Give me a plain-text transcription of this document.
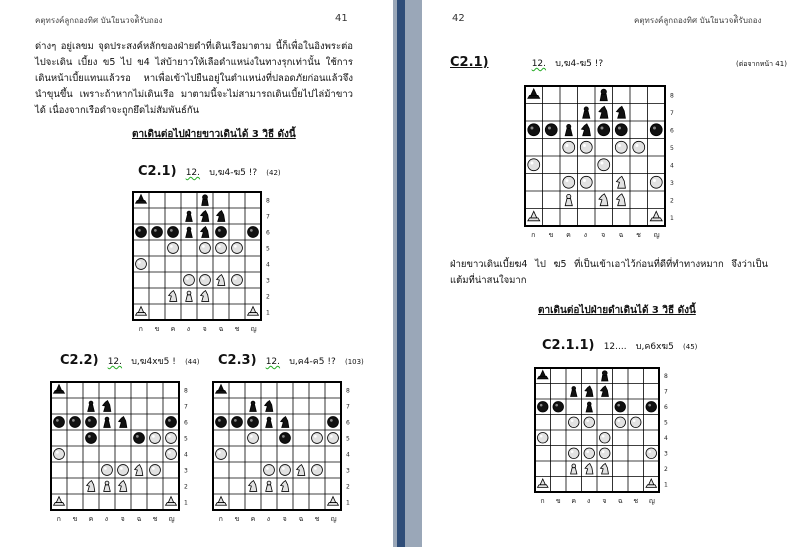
คตุทรงค์ลูกถองทิศ บันใยนวจต้ิรับถอง	41
ด่างๆ อยู่เลขม จุดประสงค์หลักของฝ่ายดำที่เดินเรือมาตาม นี้ก็เพื่อในอิงพระต่อไปจะเดิน เบี้ยง ข5 ไป ข4 ไส่บ้ายาวให้เลือดำแหน่งในทางรุกเท่านั้น ใช้การเดินหน้าเบี้ยแทนแล้วรอ หาเพื่อเข้าไปยืนอยู่ในตำแหน่งที่ปลอดภัยก่อนแล้วจึงนำขุนขึ้น เพราะถ้าหากไม่เดินเรือ มาตามนี้จะไม่สามารถเดินเบี้ยไปไล่ม้าขาวได้ เนื่องจากเรือดำจะถูกยึดไม่สัมพันธ์กัน
ตาเดินต่อไปฝ่ายขาวเดินได้ 3 วิธี ดังนี้
C2.1) 12. บ,ฆ4-ฆ5 !? (42)
8
7
6
5
4
3
2
1
ก ข ค ง จ ฉ ช ญ
C2.2) 12. บ,ฆ4xข5 ! (44) C2.3) 12. บ,ค4-ค5 !? (103)
8
7
6
5
4
3
2
1
ก ข ค ง จ ฉ ช ญ
8
7
6
5
4
3
2
1
ก ข ค ง จ ฉ ช ญ
42	คตุทรงค์ลูกถองทิศ บันใยนวจต้ิรับถอง
C2.1)	12. บ,ฆ4-ฆ5 !?	(ต่อจากหน้า 41)
8
7
6
5
4
3
2
1
ก ข ค ง จ ฉ ช ญ
ฝ่ายขาวเดินเบี้ยฆ4 ไป ฆ5 ที่เป็นเข้าเอาไว้ก่อนที่ดีที่ทำทางหมาก จึงว่าเป็น แต้มที่น่าสนใจมาก
ตาเดินต่อไปฝ่ายดำเดินได้ 3 วิธี ดังนี้
C2.1.1) 12.... บ,ค6xฆ5 (45)
8
7
6
5
4
3
2
1
ก ข ค ง จ ฉ ช ญ
